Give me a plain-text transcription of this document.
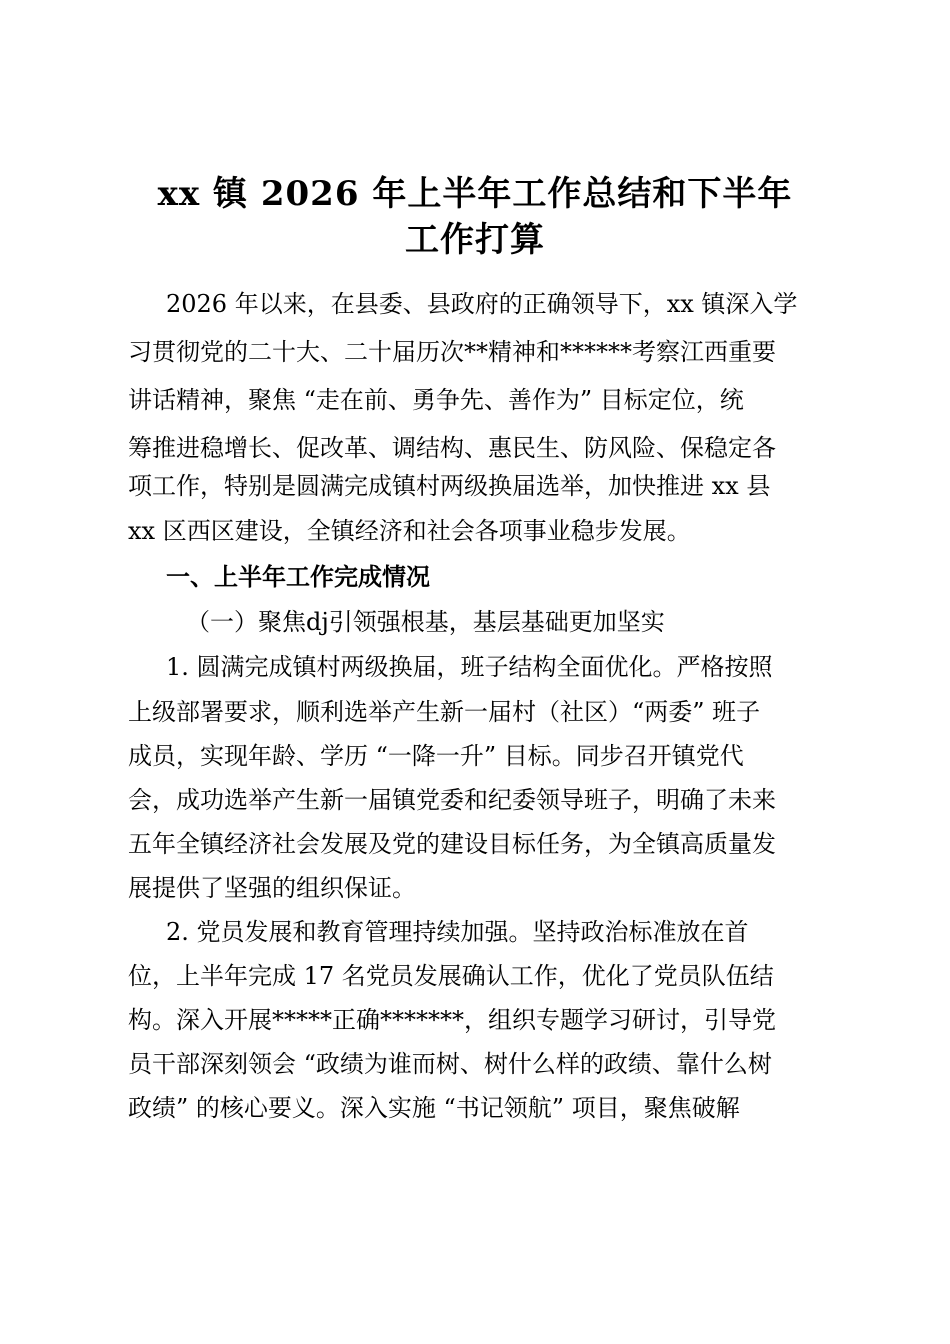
xx 镇 2026 年上半年工作总结和下半年
工作打算
2026 年以来，在县委、县政府的正确领导下，xx 镇深入学
习贯彻党的二十大、二十届历次**精神和******考察江西重要
讲话精神，聚焦 “走在前、勇争先、善作为” 目标定位，统
筹推进稳增长、促改革、调结构、惠民生、防风险、保稳定各
项工作，特别是圆满完成镇村两级换届选举，加快推进 xx 县
xx 区西区建设，全镇经济和社会各项事业稳步发展。
一、上半年工作完成情况
（一）聚焦dj引领强根基，基层基础更加坚实
1. 圆满完成镇村两级换届，班子结构全面优化。严格按照
上级部署要求，顺利选举产生新一届村（社区）“两委” 班子
成员，实现年龄、学历 “一降一升” 目标。同步召开镇党代
会，成功选举产生新一届镇党委和纪委领导班子，明确了未来
五年全镇经济社会发展及党的建设目标任务，为全镇高质量发
展提供了坚强的组织保证。
2. 党员发展和教育管理持续加强。坚持政治标准放在首
位，上半年完成 17 名党员发展确认工作，优化了党员队伍结
构。深入开展*****正确*******，组织专题学习研讨，引导党
员干部深刻领会 “政绩为谁而树、树什么样的政绩、靠什么树
政绩” 的核心要义。深入实施 “书记领航” 项目，聚焦破解
